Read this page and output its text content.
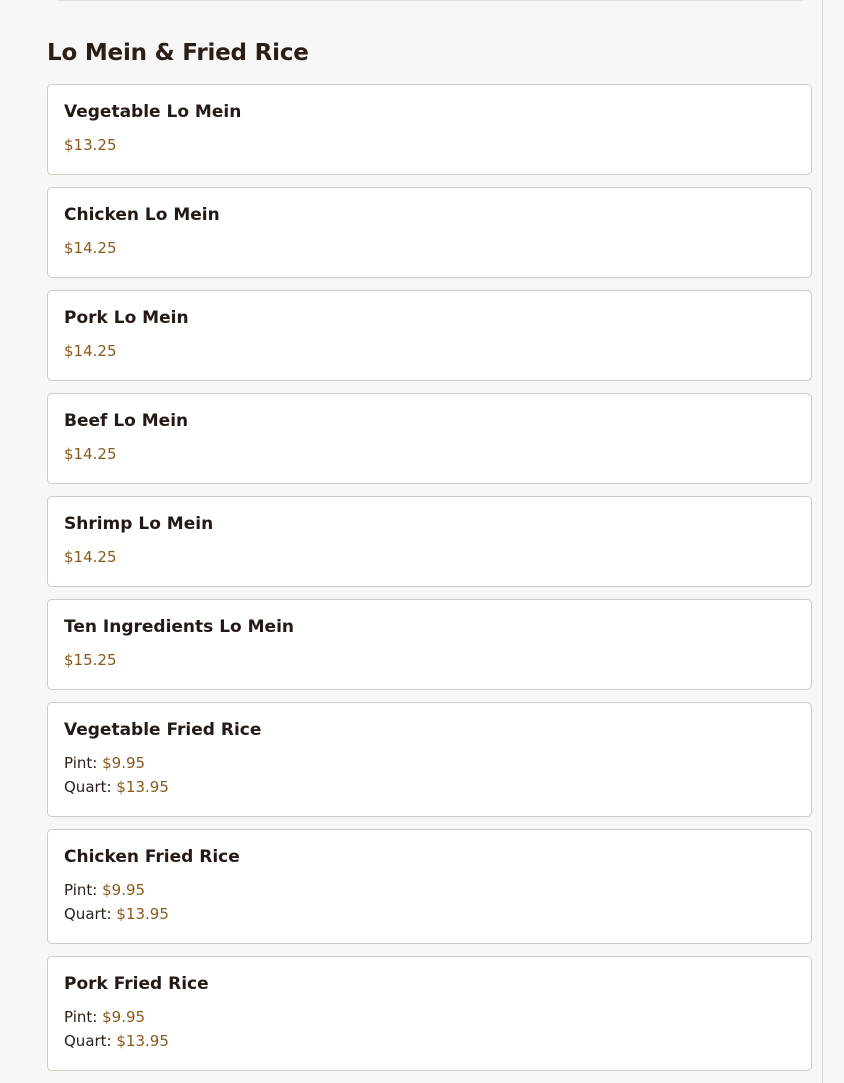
Lo Mein & Fried Rice
Vegetable Lo Mein
$13.25
Chicken Lo Mein
$14.25
Pork Lo Mein
$14.25
Beef Lo Mein
$14.25
Shrimp Lo Mein
$14.25
Ten Ingredients Lo Mein
$15.25
Vegetable Fried Rice
Pint: $9.95
Quart: $13.95
Chicken Fried Rice
Pint: $9.95
Quart: $13.95
Pork Fried Rice
Pint: $9.95
Quart: $13.95
